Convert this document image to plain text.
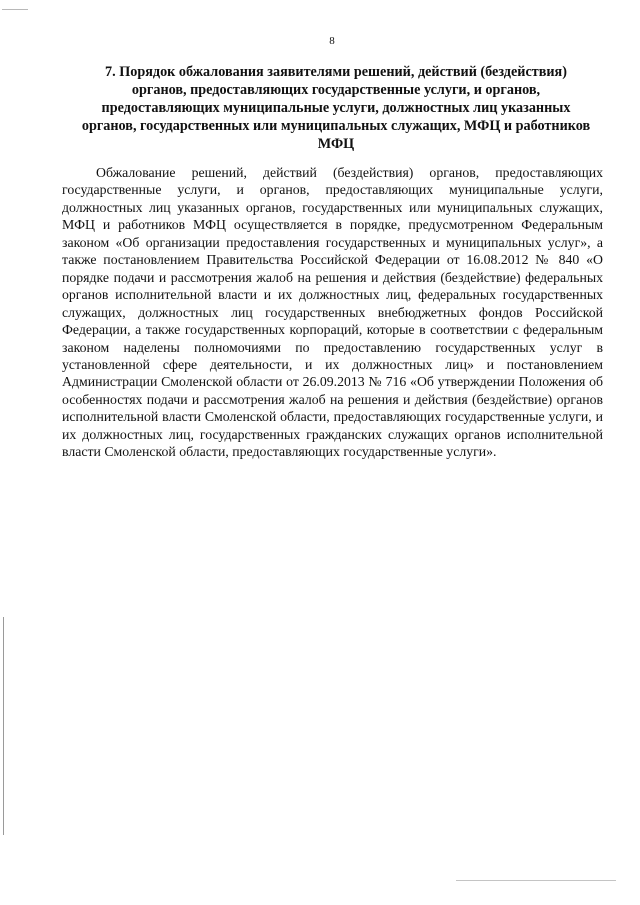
8
7. Порядок обжалования заявителями решений, действий (бездействия) органов, предоставляющих государственные услуги, и органов, предоставляющих муниципальные услуги, должностных лиц указанных органов, государственных или муниципальных служащих, МФЦ и работников МФЦ

Обжалование решений, действий (бездействия) органов, предоставляющих государственные услуги, и органов, предоставляющих муниципальные услуги, должностных лиц указанных органов, государственных или муниципальных служащих, МФЦ и работников МФЦ осуществляется в порядке, предусмотренном Федеральным законом «Об организации предоставления государственных и муниципальных услуг», а также постановлением Правительства Российской Федерации от 16.08.2012 № 840 «О порядке подачи и рассмотрения жалоб на решения и действия (бездействие) федеральных органов исполнительной власти и их должностных лиц, федеральных государственных служащих, должностных лиц государственных внебюджетных фондов Российской Федерации, а также государственных корпораций, которые в соответствии с федеральным законом наделены полномочиями по предоставлению государственных услуг в установленной сфере деятельности, и их должностных лиц» и постановлением Администрации Смоленской области от 26.09.2013 № 716 «Об утверждении Положения об особенностях подачи и рассмотрения жалоб на решения и действия (бездействие) органов исполнительной власти Смоленской области, предоставляющих государственные услуги, и их должностных лиц, государственных гражданских служащих органов исполнительной власти Смоленской области, предоставляющих государственные услуги».
